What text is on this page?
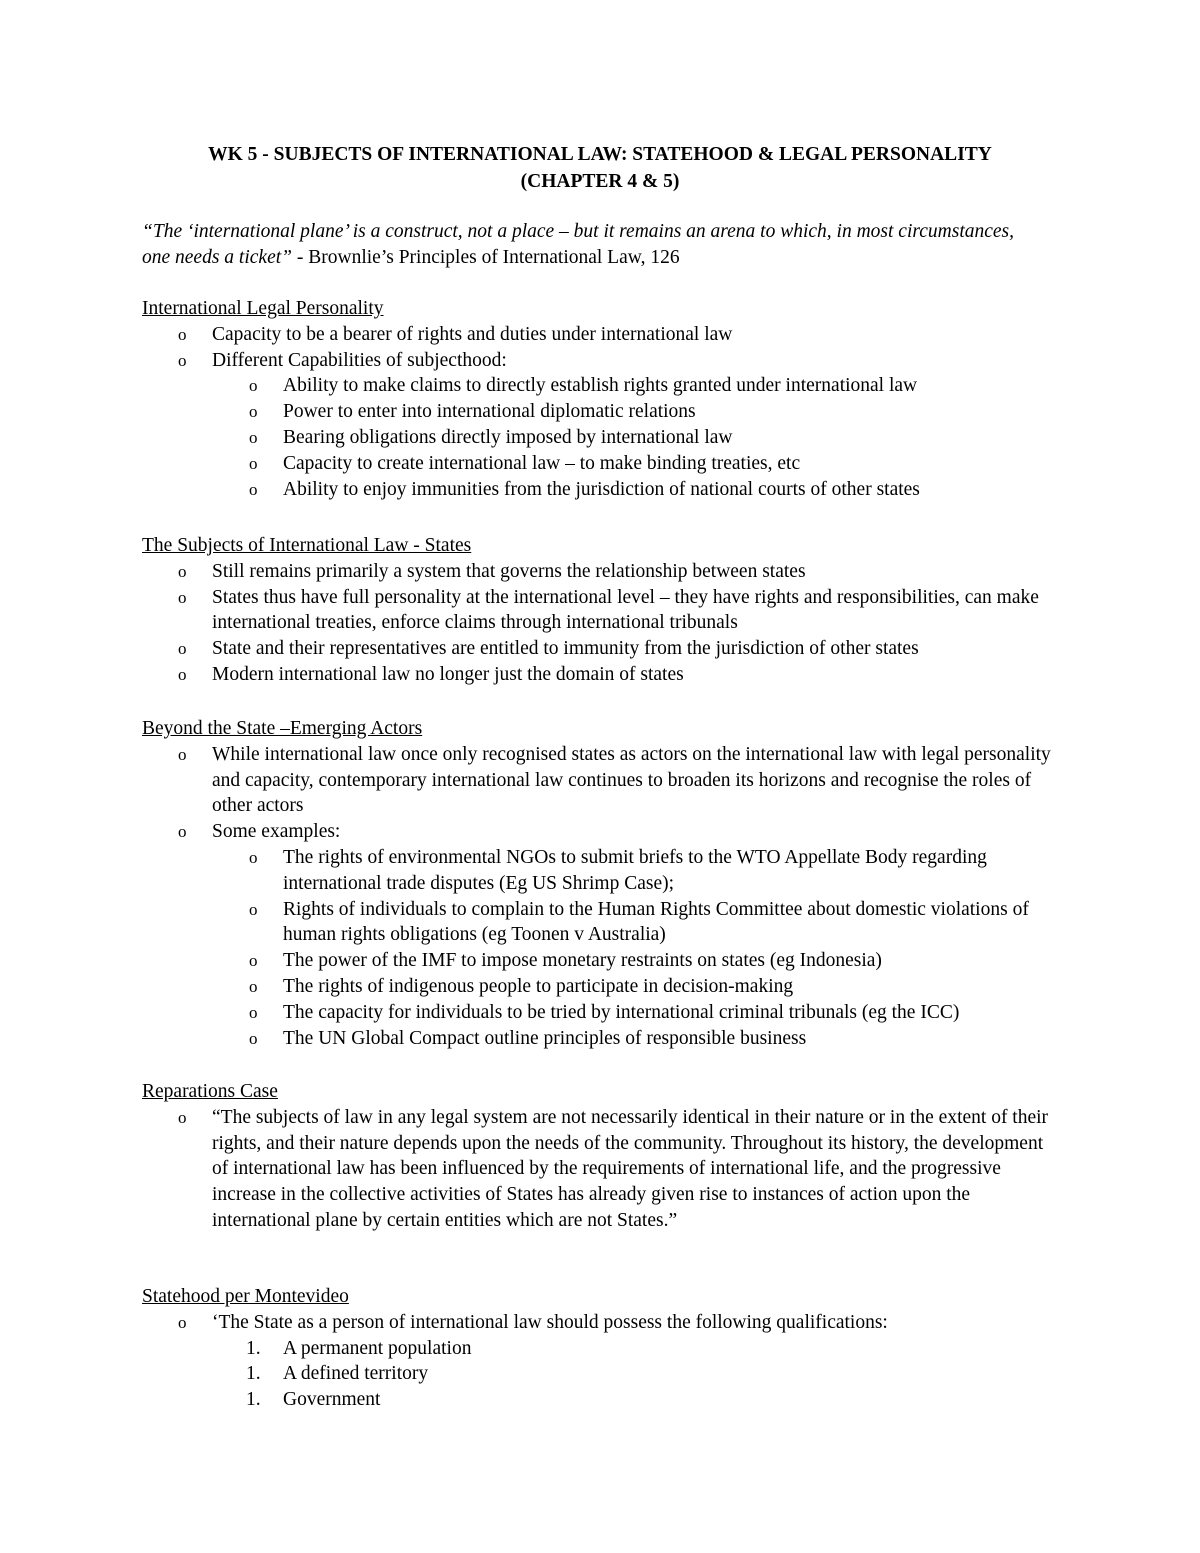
WK 5 - SUBJECTS OF INTERNATIONAL LAW: STATEHOOD & LEGAL PERSONALITY
(CHAPTER 4 & 5)
“The ‘international plane’ is a construct, not a place – but it remains an arena to which, in most circumstances, one needs a ticket” - Brownlie’s Principles of International Law, 126
International Legal Personality
o	Capacity to be a bearer of rights and duties under international law
o	Different Capabilities of subjecthood:
o	Ability to make claims to directly establish rights granted under international law
o	Power to enter into international diplomatic relations
o	Bearing obligations directly imposed by international law
o	Capacity to create international law – to make binding treaties, etc
o	Ability to enjoy immunities from the jurisdiction of national courts of other states
The Subjects of International Law - States
o	Still remains primarily a system that governs the relationship between states
o	States thus have full personality at the international level – they have rights and responsibilities, can make international treaties, enforce claims through international tribunals
o	State and their representatives are entitled to immunity from the jurisdiction of other states
o	Modern international law no longer just the domain of states
Beyond the State –Emerging Actors
o	While international law once only recognised states as actors on the international law with legal personality and capacity, contemporary international law continues to broaden its horizons and recognise the roles of other actors
o	Some examples:
o	The rights of environmental NGOs to submit briefs to the WTO Appellate Body regarding international trade disputes (Eg US Shrimp Case);
o	Rights of individuals to complain to the Human Rights Committee about domestic violations of human rights obligations (eg Toonen v Australia)
o	The power of the IMF to impose monetary restraints on states (eg Indonesia)
o	The rights of indigenous people to participate in decision-making
o	The capacity for individuals to be tried by international criminal tribunals (eg the ICC)
o	The UN Global Compact outline principles of responsible business
Reparations Case
o	“The subjects of law in any legal system are not necessarily identical in their nature or in the extent of their rights, and their nature depends upon the needs of the community. Throughout its history, the development of international law has been influenced by the requirements of international life, and the progressive increase in the collective activities of States has already given rise to instances of action upon the international plane by certain entities which are not States.”
Statehood per Montevideo
o	‘The State as a person of international law should possess the following qualifications:
1. A permanent population
1. A defined territory
1. Government
